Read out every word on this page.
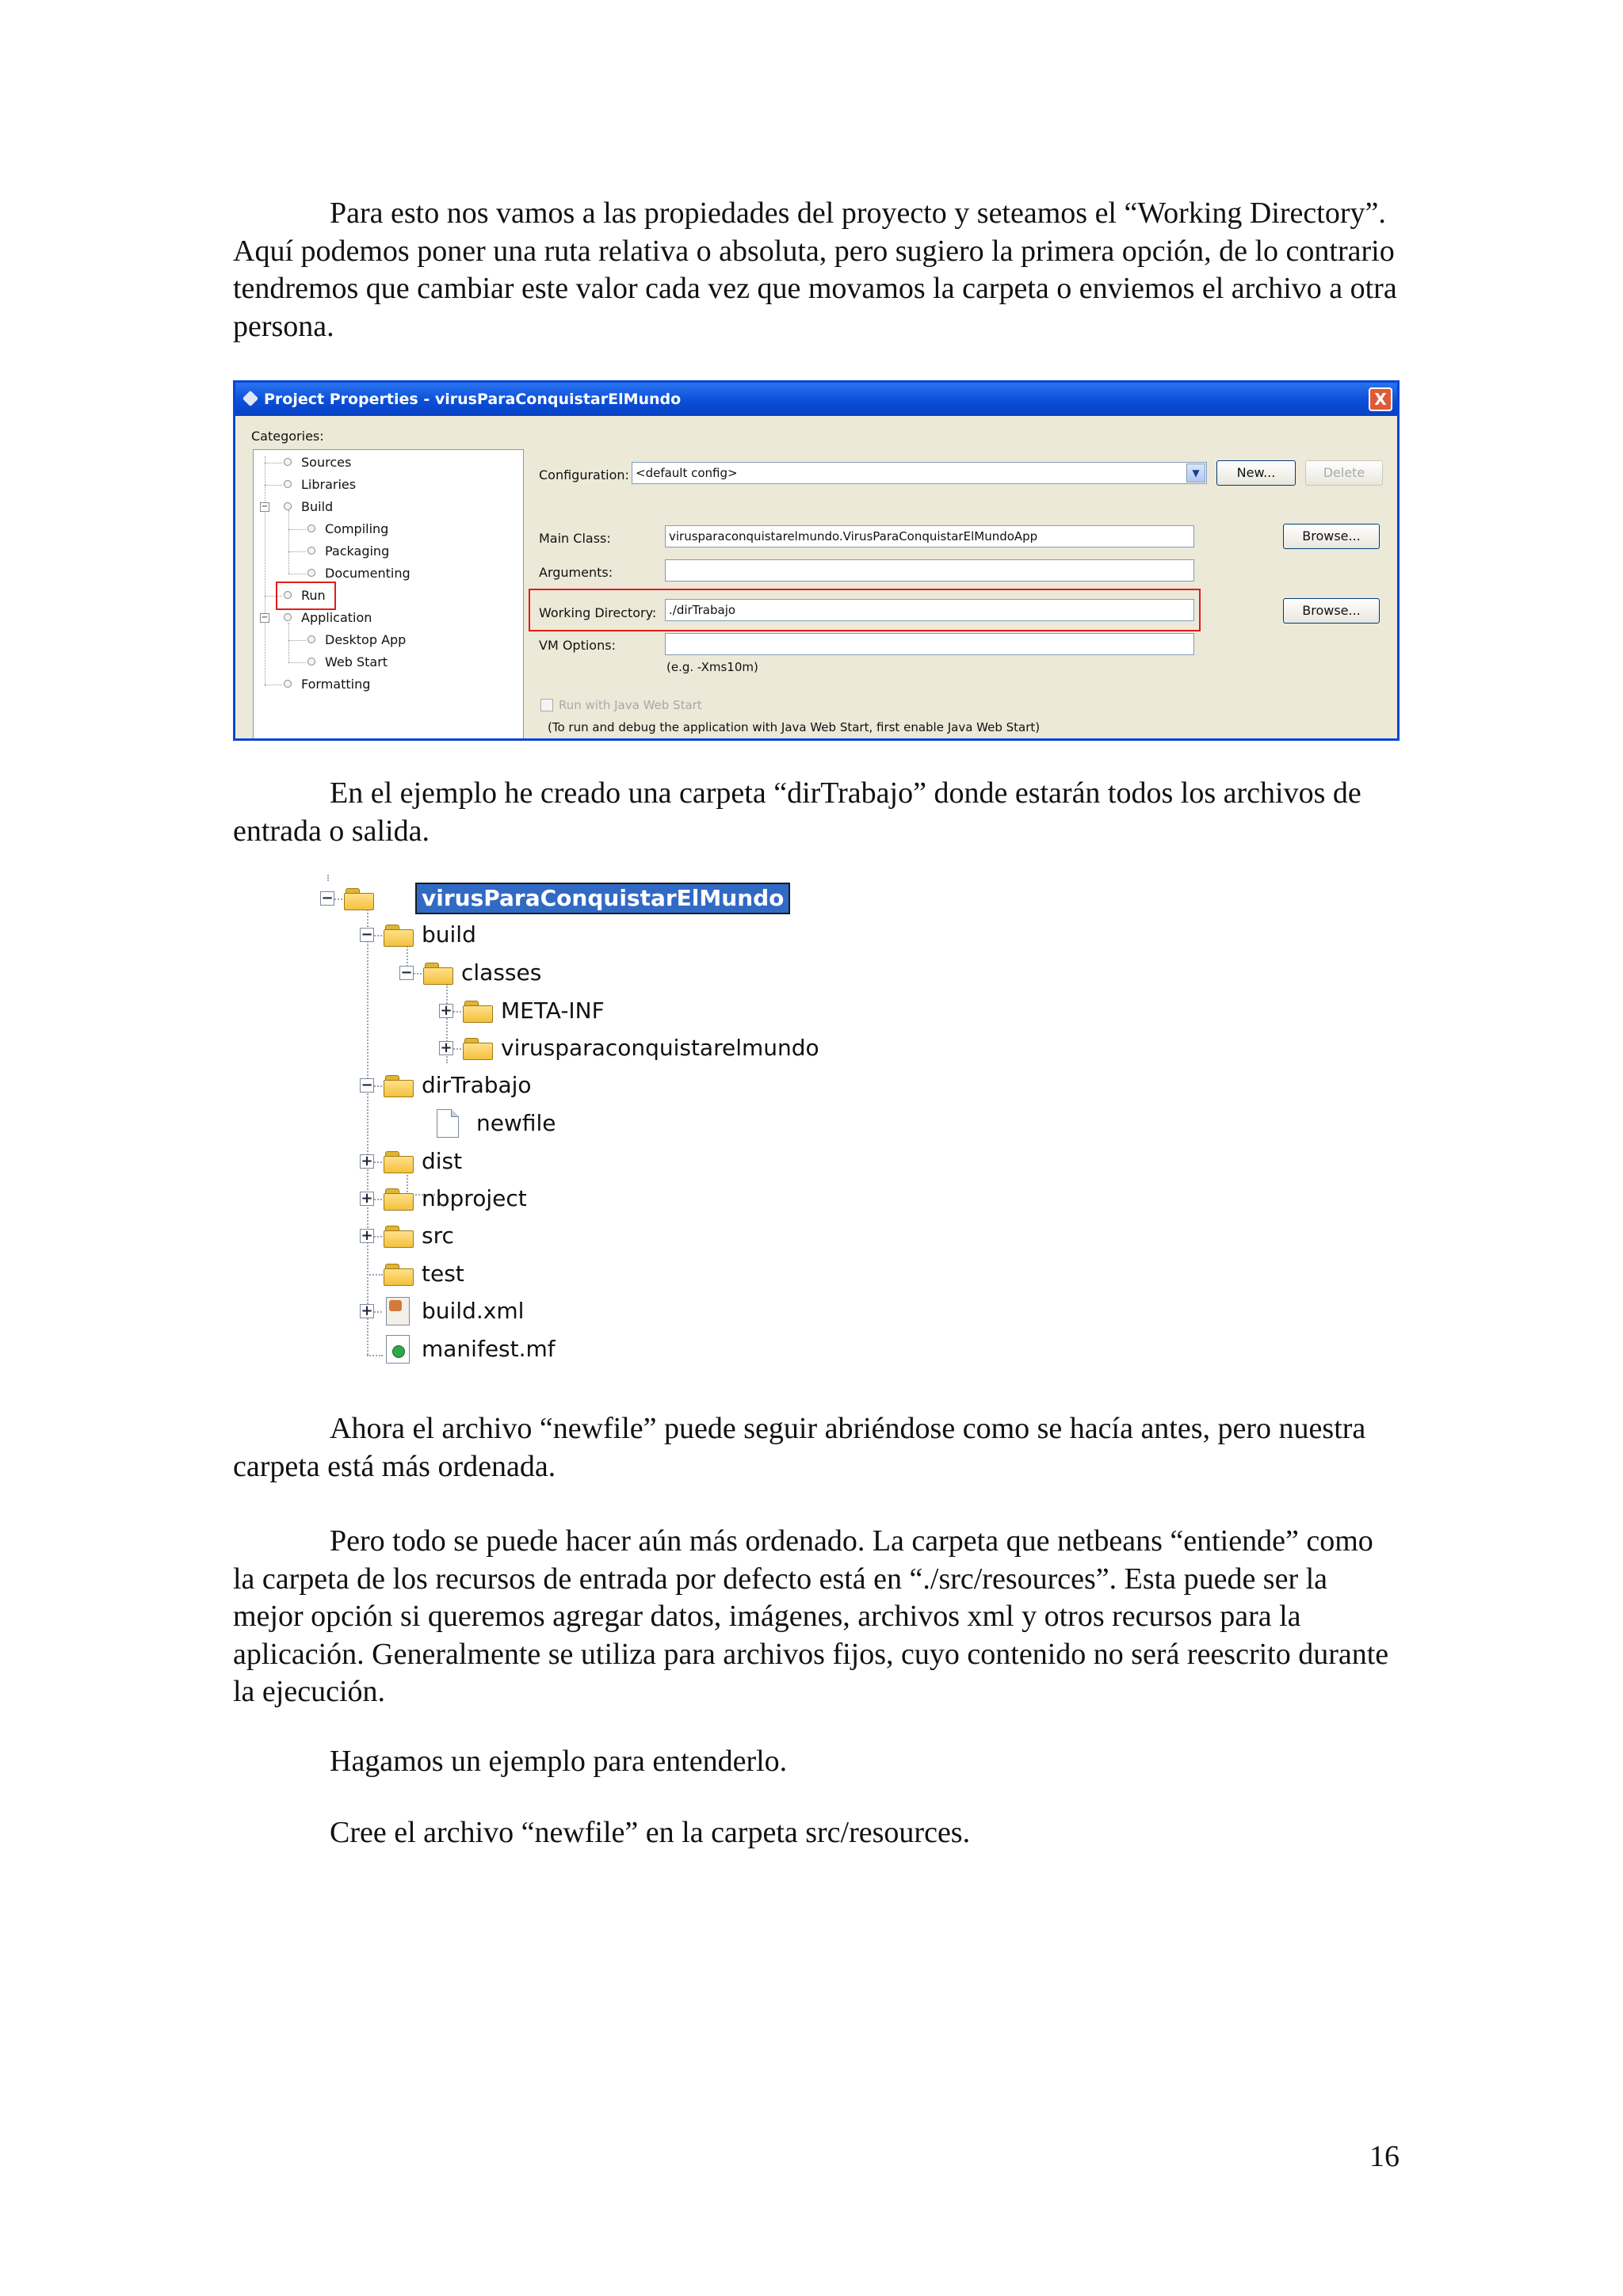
Para esto nos vamos a las propiedades del proyecto y seteamos el “Working Directory”. Aquí podemos poner una ruta relativa o absoluta, pero sugiero la primera opción, de lo contrario tendremos que cambiar este valor cada vez que movamos la carpeta o enviemos el archivo a otra persona.

Project Properties - virusParaConquistarElMundo	X
Categories:
−
−
Sources
Libraries
Build
Compiling
Packaging
Documenting
Run
Application
Desktop App
Web Start
Formatting
Configuration: <default config>	▼	New...	Delete
Main Class:	virusparaconquistarelmundo.VirusParaConquistarElMundoApp	Browse...
Arguments:
Working Directory:	./dirTrabajo	Browse...
VM Options:
(e.g. -Xms10m)
Run with Java Web Start
(To run and debug the application with Java Web Start, first enable Java Web Start)

En el ejemplo he creado una carpeta “dirTrabajo” donde estarán todos los archivos de entrada o salida.

−	virusParaConquistarElMundo
− build
− classes
+ META-INF
+ virusparaconquistarelmundo
− dirTrabajo
newfile
+ dist
+ nbproject
+ src
test
+ build.xml
manifest.mf

Ahora el archivo “newfile” puede seguir abriéndose como se hacía antes, pero nuestra carpeta está más ordenada.

Pero todo se puede hacer aún más ordenado. La carpeta que netbeans “entiende” como la carpeta de los recursos de entrada por defecto está en “./src/resources”. Esta puede ser la mejor opción si queremos agregar datos, imágenes, archivos xml y otros recursos para la aplicación. Generalmente se utiliza para archivos fijos, cuyo contenido no será reescrito durante la ejecución.

Hagamos un ejemplo para entenderlo.

Cree el archivo “newfile” en la carpeta src/resources.

16
